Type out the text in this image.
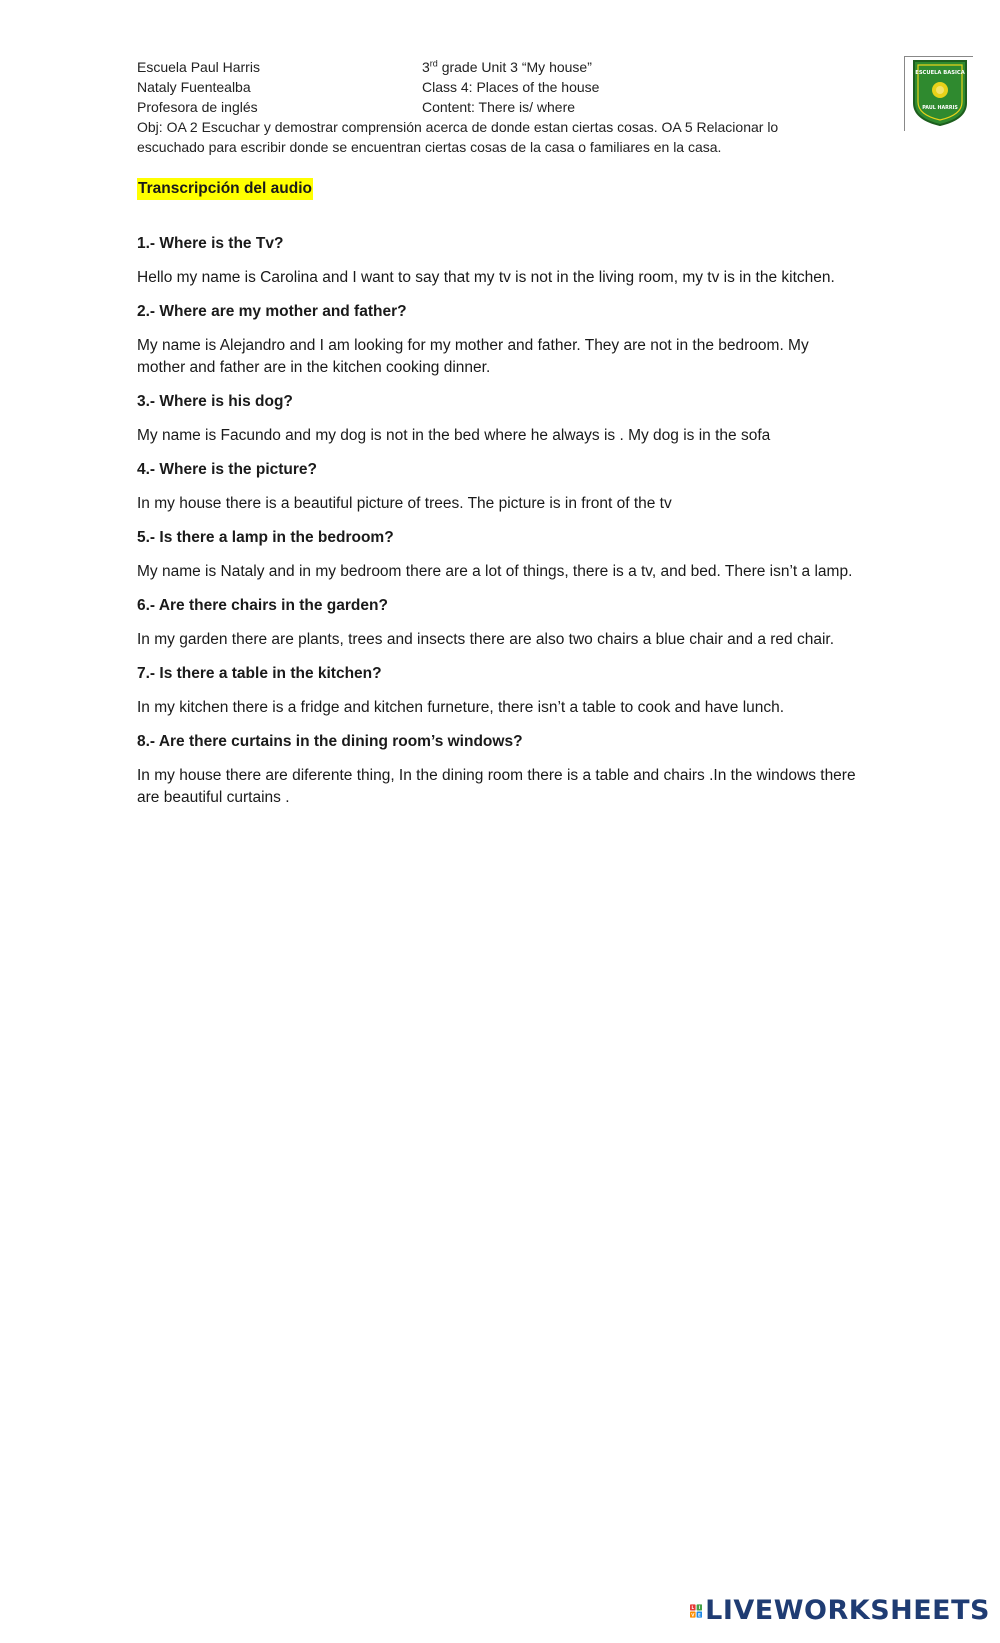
Escuela Paul Harris
Nataly Fuentealba
Profesora de inglés
3rd grade Unit 3 “My house”
Class 4: Places of the house
Content: There is/ where
Obj: OA 2 Escuchar y demostrar comprensión acerca de donde estan ciertas cosas. OA 5 Relacionar lo escuchado para escribir donde se encuentran ciertas cosas de la casa o familiares en la casa.
ESCUELA BASICA
PAUL HARRIS
Transcripción del audio
1.- Where is the Tv?

Hello my name is Carolina and I want to say that my tv is not in the living room, my tv is in the kitchen.

2.- Where are my mother and father?

My name is Alejandro and I am looking for my mother and father. They are not in the bedroom. My mother and father are in the kitchen cooking dinner.

3.- Where is his dog?

My name is Facundo and my dog is not in the bed where he always is . My dog is in the sofa

4.- Where is the picture?

In my house there is a beautiful picture of trees. The picture is in front of the tv

5.- Is there a lamp in the bedroom?

My name is Nataly and in my bedroom there are a lot of things, there is a tv, and bed. There isn’t a lamp.

6.- Are there chairs in the garden?

In my garden there are plants, trees and insects there are also two chairs a blue chair and a red chair.

7.- Is there a table in the kitchen?

In my kitchen there is a fridge and kitchen furneture, there isn’t a table to cook and have lunch.

8.- Are there curtains in the dining room’s windows?

In my house there are diferente thing, In the dining room there is a table and chairs .In the windows there are beautiful curtains .

L I
V E LIVEWORKSHEETS
